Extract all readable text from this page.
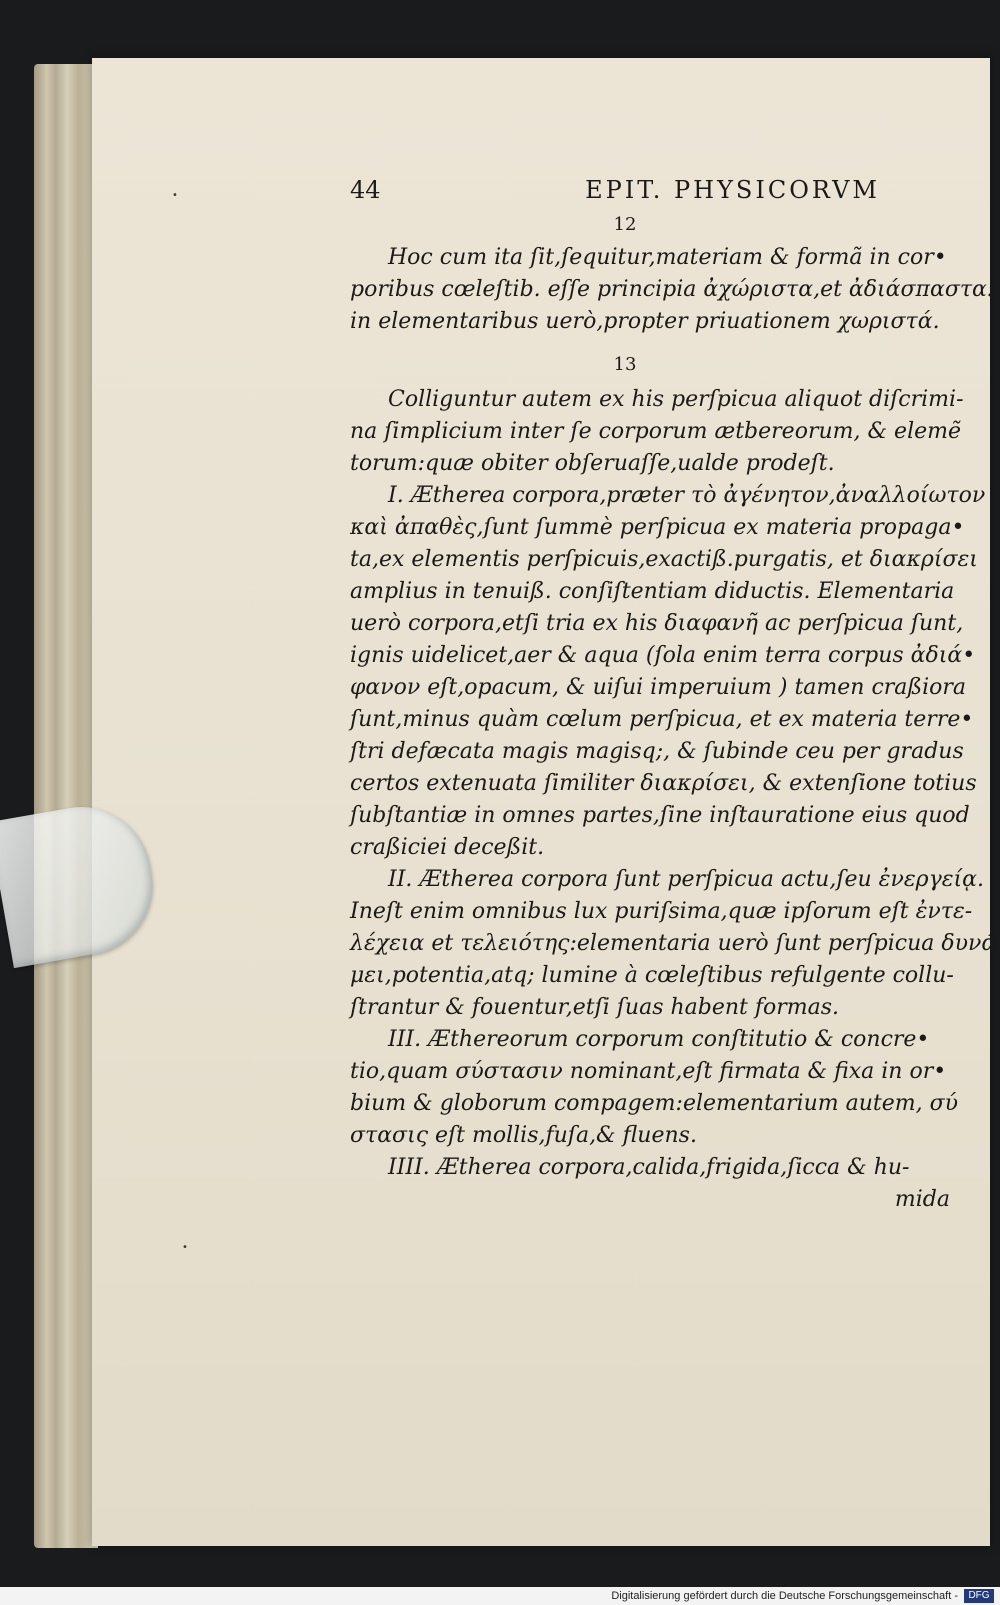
•
•
44	EPIT. PHYSICORVM
12
Hoc cum ita ſit,ſequitur,materiam & formã in cor•
poribus cœleſtib. eſſe principia ἀχώριστα,et ἀδιάσπαστα:
in elementaribus uerò,propter priuationem χωριστά.
13
Colliguntur autem ex his perſpicua aliquot diſcrimi-
na ſimplicium inter ſe corporum ætbereorum, & elemẽ
torum:quæ obiter obſeruaſſe,ualde prodeſt.
I. Ætherea corpora,præter τὸ ἀγένητον,ἀναλλοίωτον
καὶ ἀπαθὲς,ſunt ſummè perſpicua ex materia propaga•
ta,ex elementis perſpicuis,exactiß.purgatis, et διακρίσει
amplius in tenuiß. conſiſtentiam diductis. Elementaria
uerò corpora,etſi tria ex his διαφανῆ ac perſpicua ſunt,
ignis uidelicet,aer & aqua (ſola enim terra corpus ἀδιά•
φανον eſt,opacum, & uiſui imperuium ) tamen craßiora
ſunt,minus quàm cœlum perſpicua, et ex materia terre•
ſtri defæcata magis magisq;, & ſubinde ceu per gradus
certos extenuata ſimiliter διακρίσει, & extenſione totius
ſubſtantiæ in omnes partes,ſine inſtauratione eius quod
craßiciei deceßit.
II. Ætherea corpora ſunt perſpicua actu,ſeu ἐνεργείᾳ.
Ineſt enim omnibus lux puriſsima,quæ ipſorum eſt ἐντε-
λέχεια et τελειότης:elementaria uerò ſunt perſpicua δυνά
μει,potentia,atq; lumine à cœleſtibus refulgente collu-
ſtrantur & fouentur,etſi ſuas habent formas.
III. Æthereorum corporum conſtitutio & concre•
tio,quam σύστασιν nominant,eſt firmata & fixa in or•
bium & globorum compagem:elementarium autem, σύ
στασις eſt mollis,fuſa,& fluens.
IIII. Ætherea corpora,calida,frigida,ſicca & hu-
mida
Digitalisierung gefördert durch die Deutsche Forschungsgemeinschaft -	DFG
